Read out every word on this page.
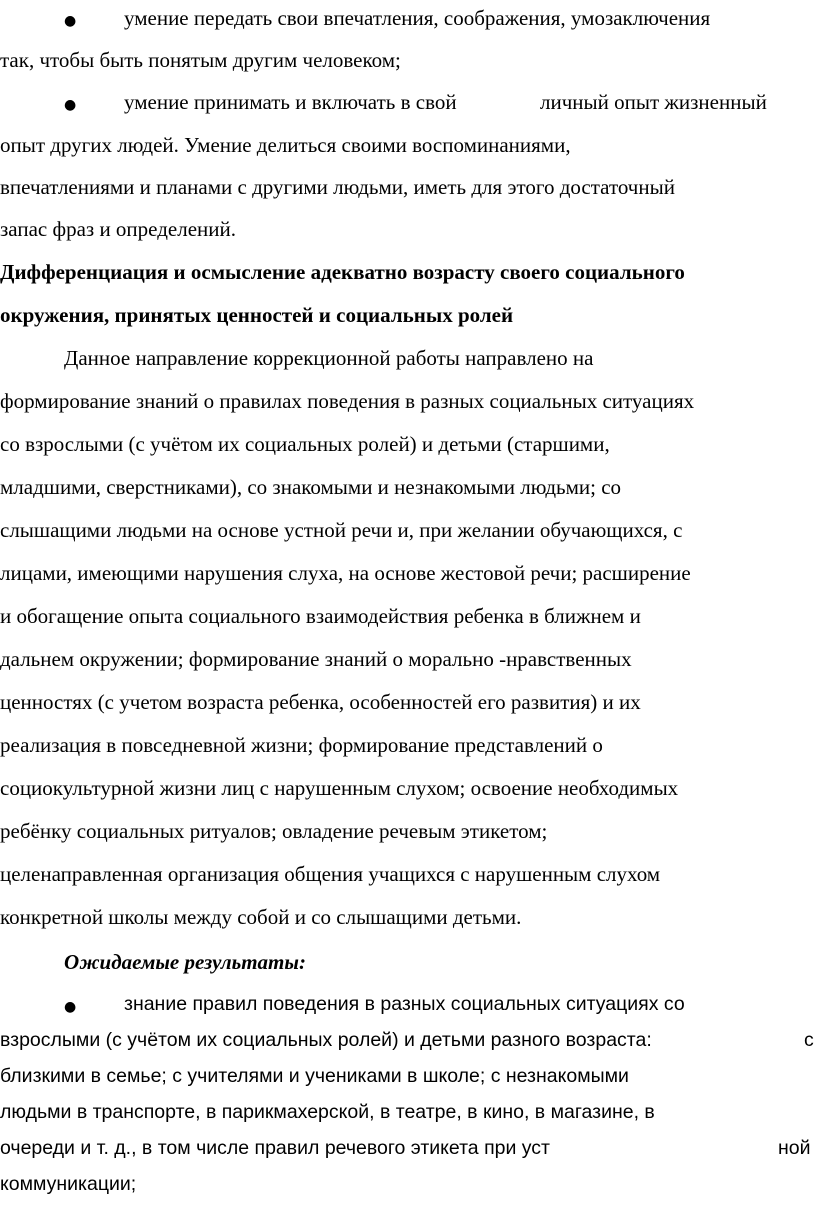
● умение передать свои впечатления, соображения, умозаключения
так, чтобы быть понятым другим человеком;
● умение принимать и включать в свой	личный опыт жизненный
опыт других людей. Умение делиться своими воспоминаниями,
впечатлениями и планами с другими людьми, иметь для этого достаточный
запас фраз и определений.
Дифференциация и осмысление адекватно возрасту своего социального
окружения, принятых ценностей и социальных ролей
Данное направление коррекционной работы направлено на
формирование знаний о правилах поведения в разных социальных ситуациях
со взрослыми (с учётом их социальных ролей) и детьми (старшими,
младшими, сверстниками), со знакомыми и незнакомыми людьми; со
слышащими людьми на основе устной речи и, при желании обучающихся, с
лицами, имеющими нарушения слуха, на основе жестовой речи; расширение
и обогащение опыта социального взаимодействия ребенка в ближнем и
дальнем окружении; формирование знаний о морально -нравственных
ценностях (с учетом возраста ребенка, особенностей его развития) и их
реализация в повседневной жизни; формирование представлений о
социокультурной жизни лиц с нарушенным слухом; освоение необходимых
ребёнку социальных ритуалов; овладение речевым этикетом;
целенаправленная организация общения учащихся с нарушенным слухом
конкретной школы между собой и со слышащими детьми.
Ожидаемые результаты:
● знание правил поведения в разных социальных ситуациях со
взрослыми (с учётом их социальных ролей) и детьми разного возраста:	с
близкими в семье; с учителями и учениками в школе; с незнакомыми
людьми в транспорте, в парикмахерской, в театре, в кино, в магазине, в
очереди и т. д., в том числе правил речевого этикета при уст	ной
коммуникации;
